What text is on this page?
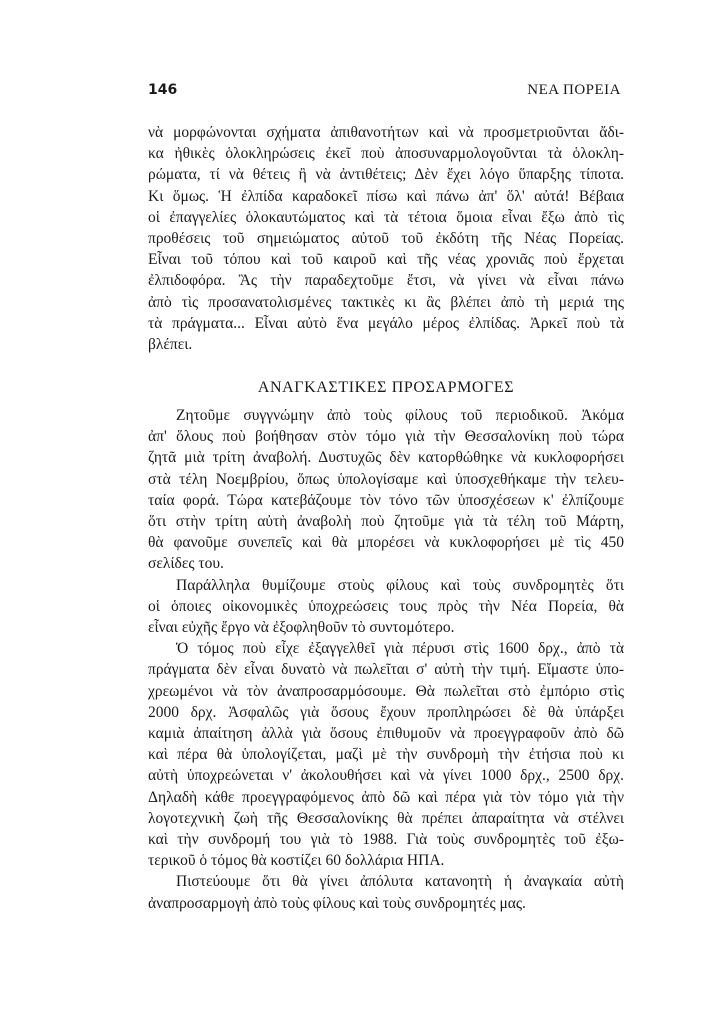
146	ΝΕΑ ΠΟΡΕΙΑ
νὰ μορφώνονται σχήματα ἀπιθανοτήτων καὶ νὰ προσμετριοῦνται ἄδι-
κα ἠθικὲς ὁλοκληρώσεις ἐκεῖ ποὺ ἀποσυναρμολογοῦνται τὰ ὁλοκλη-
ρώματα, τί νὰ θέτεις ἢ νὰ ἀντιθέτεις; Δὲν ἔχει λόγο ὕπαρξης τίποτα.
Κι ὅμως. Ἡ ἐλπίδα καραδοκεῖ πίσω καὶ πάνω ἀπ' ὅλ' αὐτά! Βέβαια
οἱ ἐπαγγελίες ὁλοκαυτώματος καὶ τὰ τέτοια ὅμοια εἶναι ἔξω ἀπὸ τὶς
προθέσεις τοῦ σημειώματος αὐτοῦ τοῦ ἐκδότη τῆς Νέας Πορείας.
Εἶναι τοῦ τόπου καὶ τοῦ καιροῦ καὶ τῆς νέας χρονιᾶς ποὺ ἔρχεται
ἐλπιδοφόρα. Ἂς τὴν παραδεχτοῦμε ἔτσι, νὰ γίνει νὰ εἶναι πάνω
ἀπὸ τὶς προσανατολισμένες τακτικὲς κι ἂς βλέπει ἀπὸ τὴ μεριά της
τὰ πράγματα... Εἶναι αὐτὸ ἕνα μεγάλο μέρος ἐλπίδας. Ἀρκεῖ ποὺ τὰ
βλέπει.
ΑΝΑΓΚΑΣΤΙΚΕΣ ΠΡΟΣΑΡΜΟΓΕΣ
Ζητοῦμε συγγνώμην ἀπὸ τοὺς φίλους τοῦ περιοδικοῦ. Ἀκόμα
ἀπ' ὅλους ποὺ βοήθησαν στὸν τόμο γιὰ τὴν Θεσσαλονίκη ποὺ τώρα
ζητᾶ μιὰ τρίτη ἀναβολή. Δυστυχῶς δὲν κατορθώθηκε νὰ κυκλοφορήσει
στὰ τέλη Νοεμβρίου, ὅπως ὑπολογίσαμε καὶ ὑποσχεθήκαμε τὴν τελευ-
ταία φορά. Τώρα κατεβάζουμε τὸν τόνο τῶν ὑποσχέσεων κ' ἐλπίζουμε
ὅτι στὴν τρίτη αὐτὴ ἀναβολὴ ποὺ ζητοῦμε γιὰ τὰ τέλη τοῦ Μάρτη,
θὰ φανοῦμε συνεπεῖς καὶ θὰ μπορέσει νὰ κυκλοφορήσει μὲ τὶς 450
σελίδες του.
Παράλληλα θυμίζουμε στοὺς φίλους καὶ τοὺς συνδρομητὲς ὅτι
οἱ ὁποιες οἰκονομικὲς ὑποχρεώσεις τους πρὸς τὴν Νέα Πορεία, θὰ
εἶναι εὐχῆς ἔργο νὰ ἐξοφληθοῦν τὸ συντομότερο.
Ὁ τόμος ποὺ εἶχε ἐξαγγελθεῖ γιὰ πέρυσι στὶς 1600 δρχ., ἀπὸ τὰ
πράγματα δὲν εἶναι δυνατὸ νὰ πωλεῖται σ' αὐτὴ τὴν τιμή. Εἴμαστε ὑπο-
χρεωμένοι νὰ τὸν ἀναπροσαρμόσουμε. Θὰ πωλεῖται στὸ ἐμπόριο στὶς
2000 δρχ. Ἀσφαλῶς γιὰ ὅσους ἔχουν προπληρώσει δὲ θὰ ὑπάρξει
καμιὰ ἀπαίτηση ἀλλὰ γιὰ ὅσους ἐπιθυμοῦν νὰ προεγγραφοῦν ἀπὸ δῶ
καὶ πέρα θὰ ὑπολογίζεται, μαζὶ μὲ τὴν συνδρομὴ τὴν ἐτήσια ποὺ κι
αὐτὴ ὑποχρεώνεται ν' ἀκολουθήσει καὶ νὰ γίνει 1000 δρχ., 2500 δρχ.
Δηλαδὴ κάθε προεγγραφόμενος ἀπὸ δῶ καὶ πέρα γιὰ τὸν τόμο γιὰ τὴν
λογοτεχνικὴ ζωὴ τῆς Θεσσαλονίκης θὰ πρέπει ἀπαραίτητα νὰ στέλνει
καὶ τὴν συνδρομή του γιὰ τὸ 1988. Γιὰ τοὺς συνδρομητὲς τοῦ ἐξω-
τερικοῦ ὁ τόμος θὰ κοστίζει 60 δολλάρια ΗΠΑ.
Πιστεύουμε ὅτι θὰ γίνει ἀπόλυτα κατανοητὴ ἡ ἀναγκαία αὐτὴ
ἀναπροσαρμογὴ ἀπὸ τοὺς φίλους καὶ τοὺς συνδρομητές μας.
